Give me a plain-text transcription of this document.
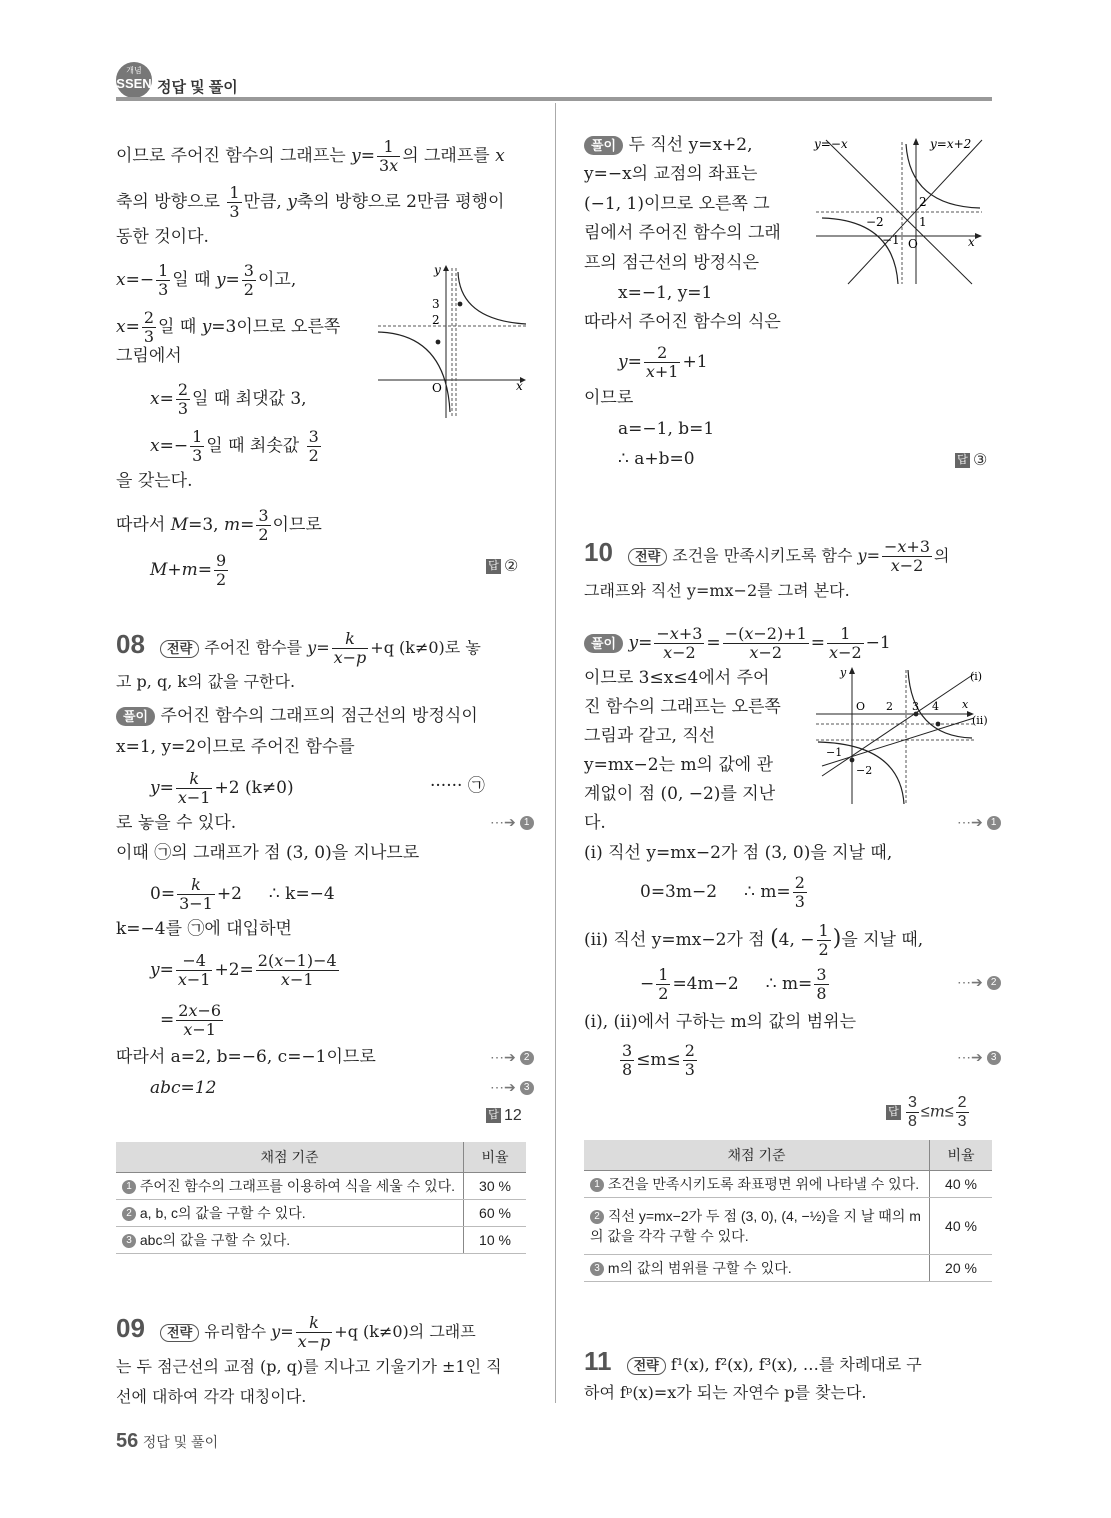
개념
SSEN 정답 및 풀이
이므로 주어진 함수의 그래프는 $y= \frac{1}{3x}$ 의 그래프를 x
축의 방향으로 $\frac{1}{3}$ 만큼, y축의 방향으로 2만큼 평행이
동한 것이다.
$x=- \frac{1}{3}$ 일 때 $y= \frac{3}{2}$ 이고,
$x= \frac{2}{3}$ 일 때 y=3이므로 오른쪽
그림에서
$x= \frac{2}{3}$ 일 때 최댓값 3,
$x=- \frac{1}{3}$ 일 때 최솟값 $\frac{3}{2}$
을 갖는다.
따라서 M=3, $m= \frac{3}{2}$ 이므로
$M+m= \frac{9}{2}$	답 ②
y
x
O
3
2
08 전략 주어진 함수를 $y= \frac{k}{x-p} +q$ (k≠0)로 놓
고 p, q, k의 값을 구한다.
풀이 주어진 함수의 그래프의 점근선의 방정식이
x=1, y=2이므로 주어진 함수를
$y= \frac{k}{x-1} +2$ (k≠0)	······ ㉠
로 놓을 수 있다.	⋯➔ 1
이때 ㉠의 그래프가 점 (3, 0)을 지나므로
$0= \frac{k}{3-1} +2$ ∴ k=−4
k=−4를 ㉠에 대입하면
$y= \frac{-4}{x-1} +2= \frac{2(x-1)-4}{x-1}$
= $\frac{2x-6}{x-1}$
따라서 a=2, b=−6, c=−1이므로	⋯➔ 2
abc=12	⋯➔ 3
답 12
채점 기준	비율
1 주어진 함수의 그래프를 이용하여 식을 세울 수 있다.	30 %
2 a, b, c의 값을 구할 수 있다.	60 %
3 abc의 값을 구할 수 있다.	10 %
09 전략 유리함수 $y= \frac{k}{x-p} +q$ (k≠0)의 그래프
는 두 점근선의 교점 (p, q)를 지나고 기울기가 ±1인 직
선에 대하여 각각 대칭이다.
56 정답 및 풀이
풀이 두 직선 y=x+2,
y=−x의 교점의 좌표는
(−1, 1)이므로 오른쪽 그
림에서 주어진 함수의 그래
프의 점근선의 방정식은
x=−1, y=1
따라서 주어진 함수의 식은
$y= \frac{2}{x+1} +1$
이므로
a=−1, b=1
∴ a+b=0	답 ③
y=−x	y=x+2
O	x
2
1
−2
−1
10 전략 조건을 만족시키도록 함수 $y= \frac{-x+3}{x-2}$ 의
그래프와 직선 y=mx−2를 그려 본다.
풀이 $y= \frac{-x+3}{x-2} = \frac{-(x-2)+1}{x-2} = \frac{1}{x-2} -1$
이므로 3≤x≤4에서 주어
진 함수의 그래프는 오른쪽
그림과 같고, 직선
y=mx−2는 m의 값에 관
계없이 점 (0, −2)를 지난
다.	⋯➔ 1
y
x
O 2 3 4
−1
−2
(i)
(ii)
(i) 직선 y=mx−2가 점 (3, 0)을 지날 때,
0=3m−2 ∴ $m= \frac{2}{3}$
(ii) 직선 y=mx−2가 점 (4, − $\frac{1}{2}$ )을 지날 때,
− $\frac{1}{2} =4m-2$ ∴ $m= \frac{3}{8}$	⋯➔ 2
(i), (ii)에서 구하는 m의 값의 범위는
$\frac{3}{8} \le m\le \frac{2}{3}$	⋯➔ 3
답 $\frac{3}{8} \le m\le \frac{2}{3}$
채점 기준	비율
1 조건을 만족시키도록 좌표평면 위에 나타낼 수 있다.	40 %
2 직선 y=mx−2가 두 점 (3, 0), (4, −½)을 지 날 때의 m의 값을 각각 구할 수 있다.	40 %
3 m의 값의 범위를 구할 수 있다.	20 %
11 전략 f¹(x), f²(x), f³(x), …를 차례대로 구
하여 fᵖ(x)=x가 되는 자연수 p를 찾는다.
